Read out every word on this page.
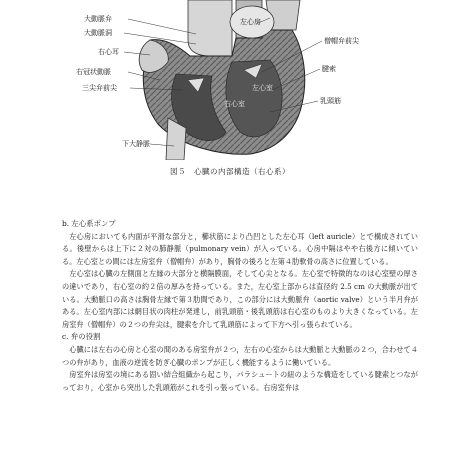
大動脈弁
大動脈洞
右心耳
右冠状動脈
三尖弁前尖
下大静脈
左心房
僧帽弁前尖
腱索
乳頭筋
左心室
右心室
図５　心臓の内部構造（右心系）
b. 左心系ポンプ

左心房においても内面が平滑な部分と，櫛状筋により凸凹とした左心耳（left auricle）とで構成されている。後壁からは上下に２対の肺静脈（pulmonary vein）が入っている。心房中隔はやや右後方に傾いている。左心室との間には左房室弁（僧帽弁）があり，胸骨の後ろと左第４肋軟骨の高さに位置している。

左心室は心臓の左側面と左縁の大部分と横隔膜面，そして心尖となる。左心室で特徴的なのは心室壁の厚さの違いであり，右心室の約２倍の厚みを持っている。また，左心室上部からは直径約 2.5 cm の大動脈が出ている。大動脈口の高さは胸骨左縁で第３肋間であり，この部分には大動脈弁（aortic valve）という半月弁がある。左心室内部には網目状の肉柱が発達し，前乳頭筋・後乳頭筋は右心室のものより大きくなっている。左房室弁（僧帽弁）の２つの弁尖は，腱索を介して乳頭筋によって下方へ引っ張られている。

c. 弁の役割

心臓には左右の心房と心室の間のある房室弁が２つ，左右の心室からは大動脈と大動脈の２つ，合わせて４つの弁があり，血液の逆流を防ぎ心臓のポンプが正しく機能するように働いている。

房室弁は房室の境にある固い結合組織から起こり，パラシュートの紐のような構造をしている腱索とつながっており，心室から突出した乳頭筋がこれを引っ張っている。右房室弁は
